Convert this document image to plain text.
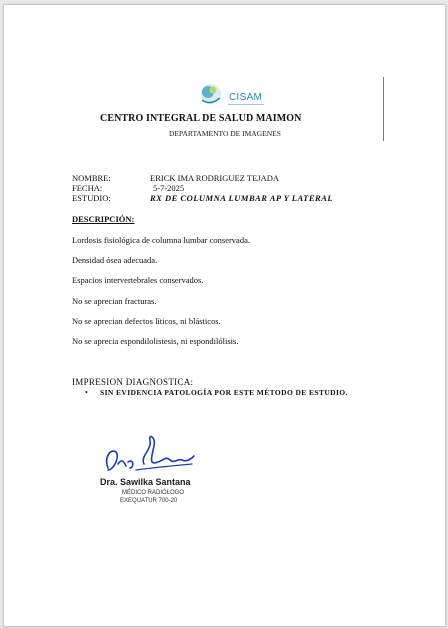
CISAM
CENTRO INTEGRAL DE SALUD MAIMON
DEPARTAMENTO DE IMAGENES
NOMBRE:	ERICK IMA RODRIGUEZ TEJADA
FECHA:	5-7-2025
ESTUDIO:	RX DE COLUMNA LUMBAR AP Y LATERAL
DESCRIPCIÓN:
Lordosis fisiológica de columna lumbar conservada.
Densidad ósea adecuada.
Espacios intervertebrales conservados.
No se aprecian fracturas.
No se aprecian defectos líticos, ni blásticos.
No se aprecia espondilolistesis, ni espondilólisis.
IMPRESION DIAGNOSTICA:
• SIN EVIDENCIA PATOLOGÍA POR ESTE MÉTODO DE ESTUDIO.
Dra. Sawilka Santana
MÉDICO RADIÓLOGO
EXEQUATUR 700-20
